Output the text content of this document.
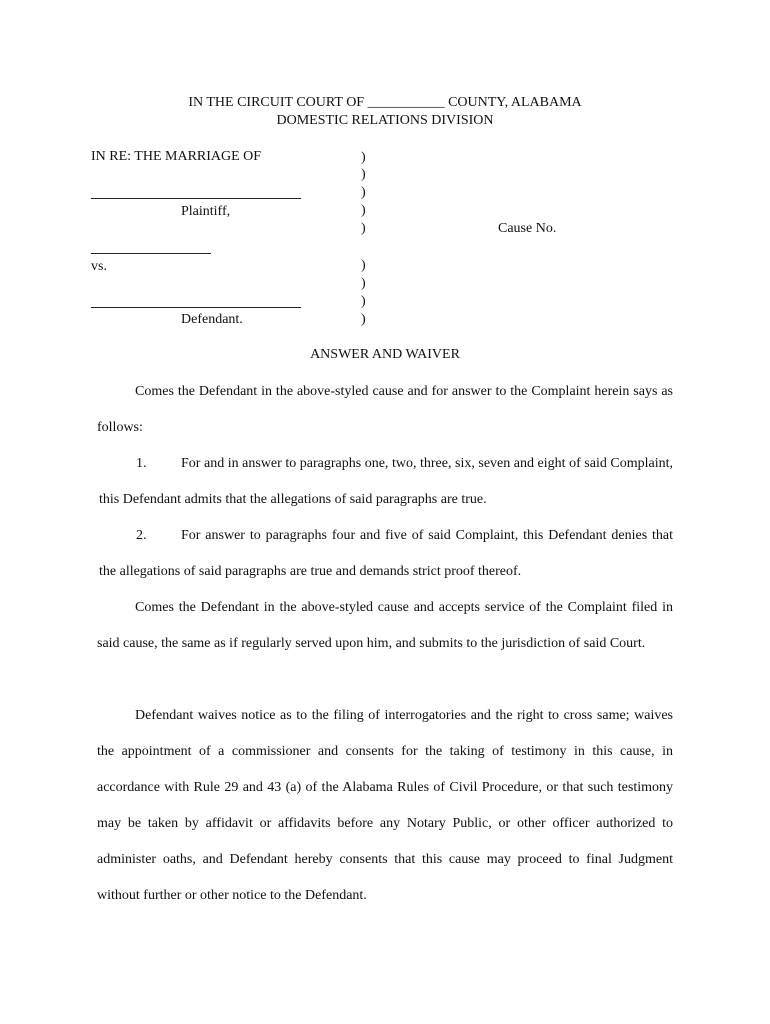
IN THE CIRCUIT COURT OF ___________ COUNTY, ALABAMA
DOMESTIC RELATIONS DIVISION
IN RE: THE MARRIAGE OF
Plaintiff,
vs.
Defendant.
)
)
)
)
)
)
)
)
)
Cause No.
ANSWER AND WAIVER
Comes the Defendant in the above-styled cause and for answer to the Complaint herein says as follows:
1. For and in answer to paragraphs one, two, three, six, seven and eight of said Complaint, this Defendant admits that the allegations of said paragraphs are true.
2. For answer to paragraphs four and five of said Complaint, this Defendant denies that the allegations of said paragraphs are true and demands strict proof thereof.
Comes the Defendant in the above-styled cause and accepts service of the Complaint filed in said cause, the same as if regularly served upon him, and submits to the jurisdiction of said Court.
Defendant waives notice as to the filing of interrogatories and the right to cross same; waives the appointment of a commissioner and consents for the taking of testimony in this cause, in accordance with Rule 29 and 43 (a) of the Alabama Rules of Civil Procedure, or that such testimony may be taken by affidavit or affidavits before any Notary Public, or other officer authorized to administer oaths, and Defendant hereby consents that this cause may proceed to final Judgment without further or other notice to the Defendant.
